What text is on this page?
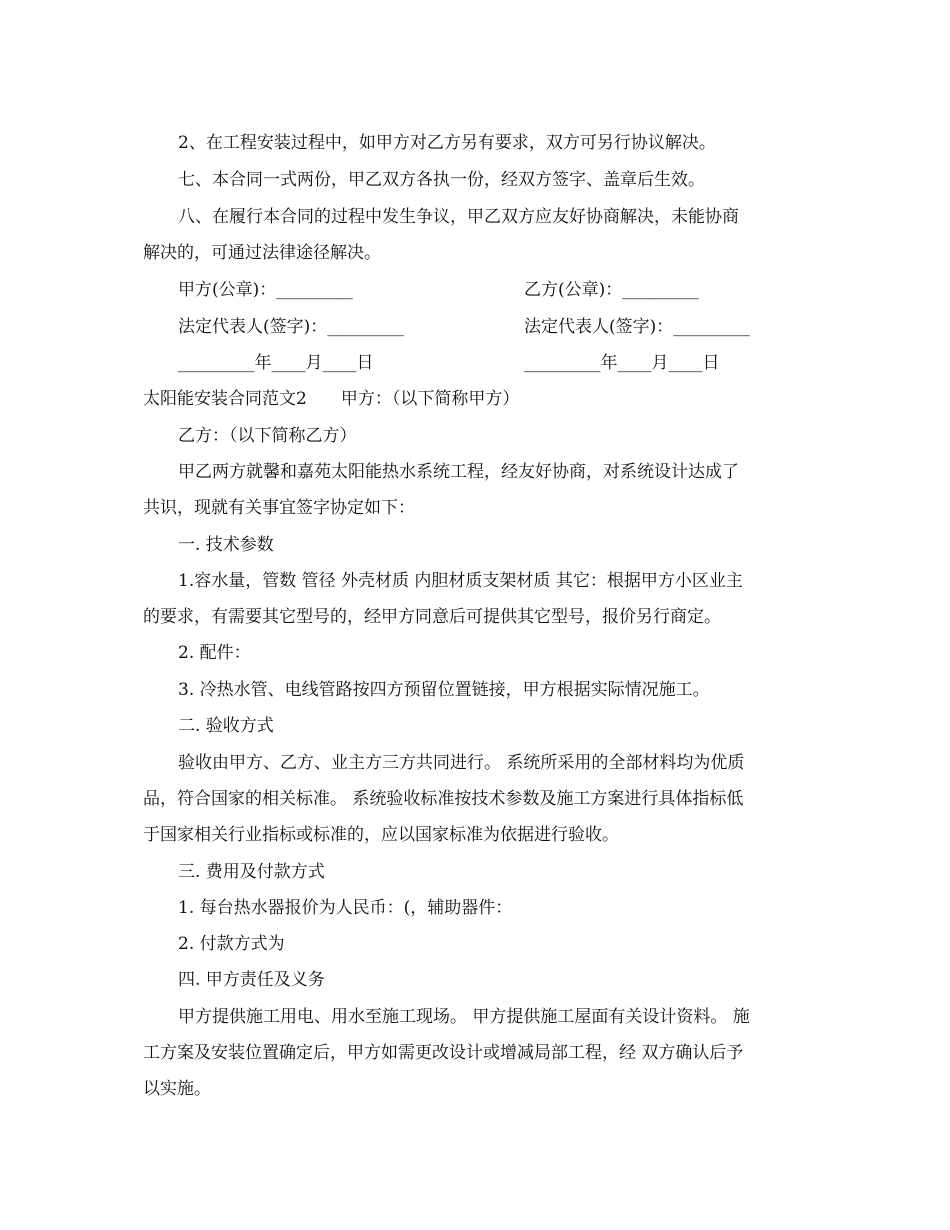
2、在工程安装过程中，如甲方对乙方另有要求，双方可另行协议解决。
七、本合同一式两份，甲乙双方各执一份，经双方签字、盖章后生效。
八、在履行本合同的过程中发生争议，甲乙双方应友好协商解决，未能协商
解决的，可通过法律途径解决。
甲方(公章)：_________	乙方(公章)：_________
法定代表人(签字)：_________	法定代表人(签字)：_________
_________年____月____日	_________年____月____日
太阳能安装合同范文2　　甲方：（以下简称甲方）
乙方：（以下简称乙方）
甲乙两方就馨和嘉苑太阳能热水系统工程，经友好协商，对系统设计达成了
共识，现就有关事宜签字协定如下：
一. 技术参数
1.容水量，管数 管径 外壳材质 内胆材质支架材质 其它：根据甲方小区业主
的要求，有需要其它型号的，经甲方同意后可提供其它型号，报价另行商定。
2. 配件：
3. 冷热水管、电线管路按四方预留位置链接，甲方根据实际情况施工。
二. 验收方式
验收由甲方、乙方、业主方三方共同进行。 系统所采用的全部材料均为优质
品，符合国家的相关标准。 系统验收标准按技术参数及施工方案进行具体指标低
于国家相关行业指标或标准的，应以国家标准为依据进行验收。
三. 费用及付款方式
1. 每台热水器报价为人民币：(，辅助器件：
2. 付款方式为
四. 甲方责任及义务
甲方提供施工用电、用水至施工现场。 甲方提供施工屋面有关设计资料。 施
工方案及安装位置确定后，甲方如需更改设计或增减局部工程，经 双方确认后予
以实施。
